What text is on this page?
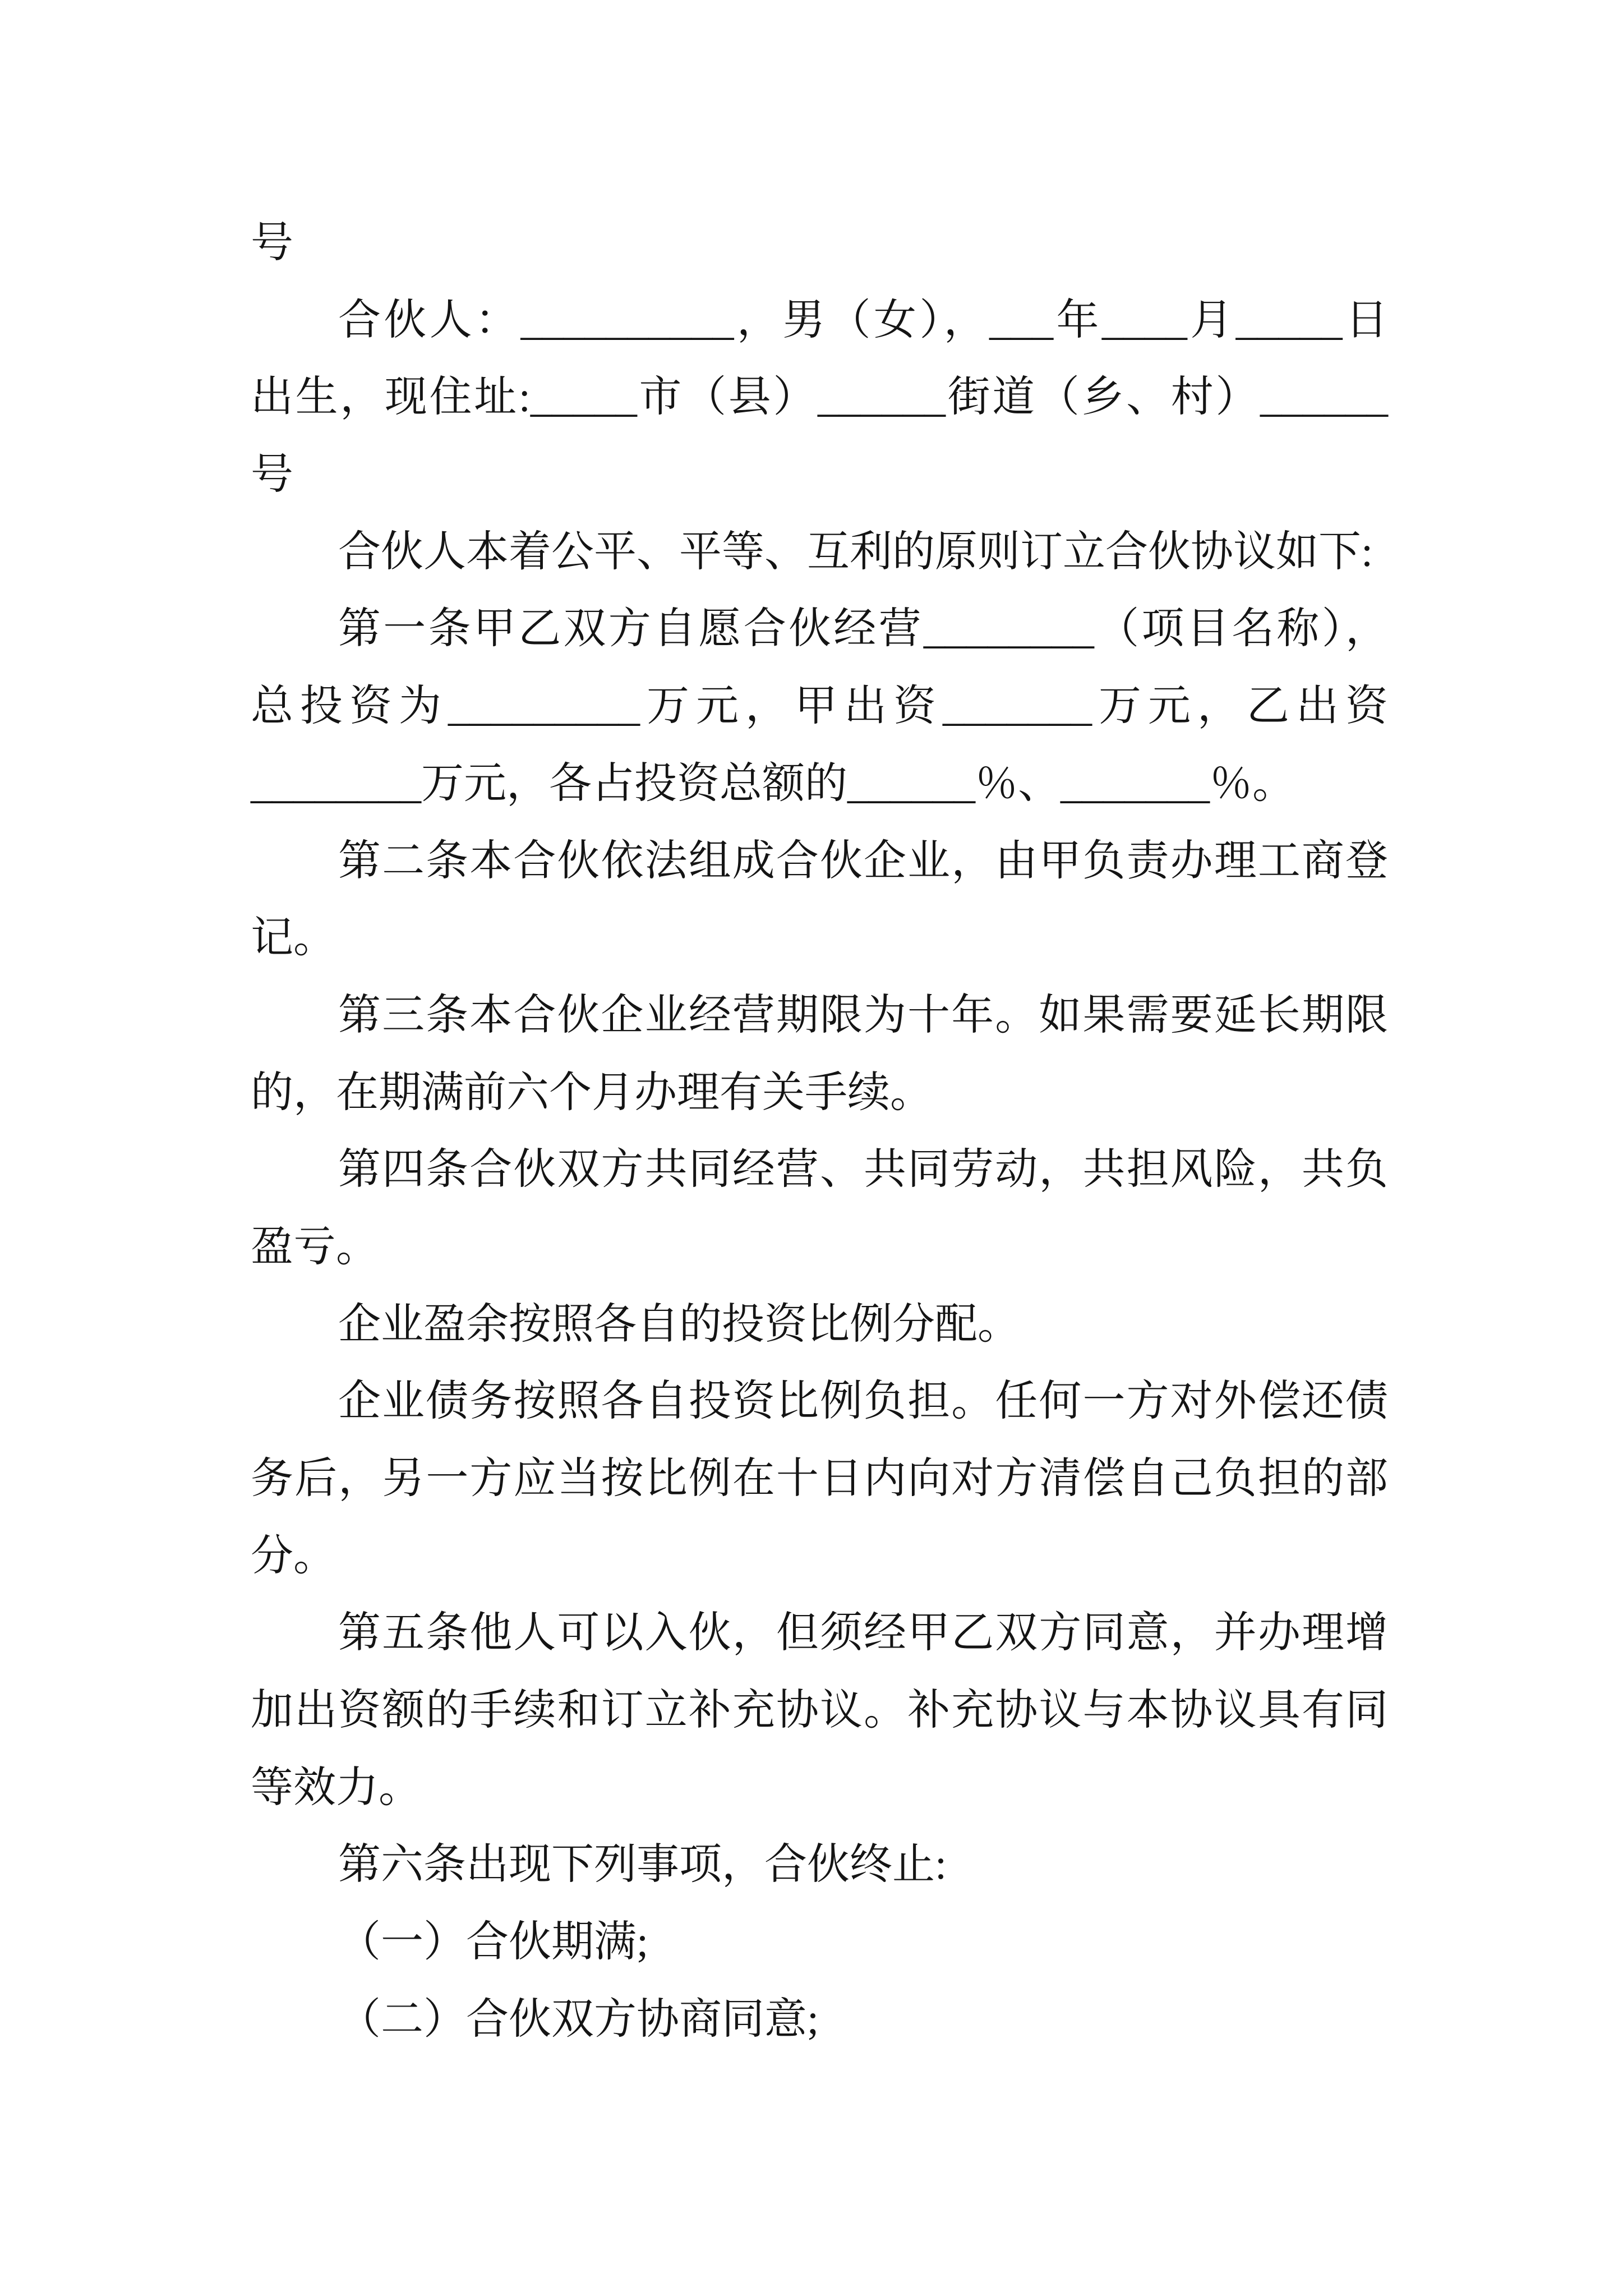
号
合伙人：__________，男（女），___年____月_____日
出生，现住址:_____市（县）______街道（乡、村）______
号
合伙人本着公平、平等、互利的原则订立合伙协议如下:
第一条甲乙双方自愿合伙经营________（项目名称），
总投资为_________万元，甲出资_______万元，乙出资
________万元，各占投资总额的______％、_______％。
第二条本合伙依法组成合伙企业，由甲负责办理工商登
记。
第三条本合伙企业经营期限为十年。如果需要延长期限
的，在期满前六个月办理有关手续。
第四条合伙双方共同经营、共同劳动，共担风险，共负
盈亏。
企业盈余按照各自的投资比例分配。
企业债务按照各自投资比例负担。任何一方对外偿还债
务后，另一方应当按比例在十日内向对方清偿自己负担的部
分。
第五条他人可以入伙，但须经甲乙双方同意，并办理增
加出资额的手续和订立补充协议。补充协议与本协议具有同
等效力。
第六条出现下列事项，合伙终止:
（一）合伙期满;
（二）合伙双方协商同意;
